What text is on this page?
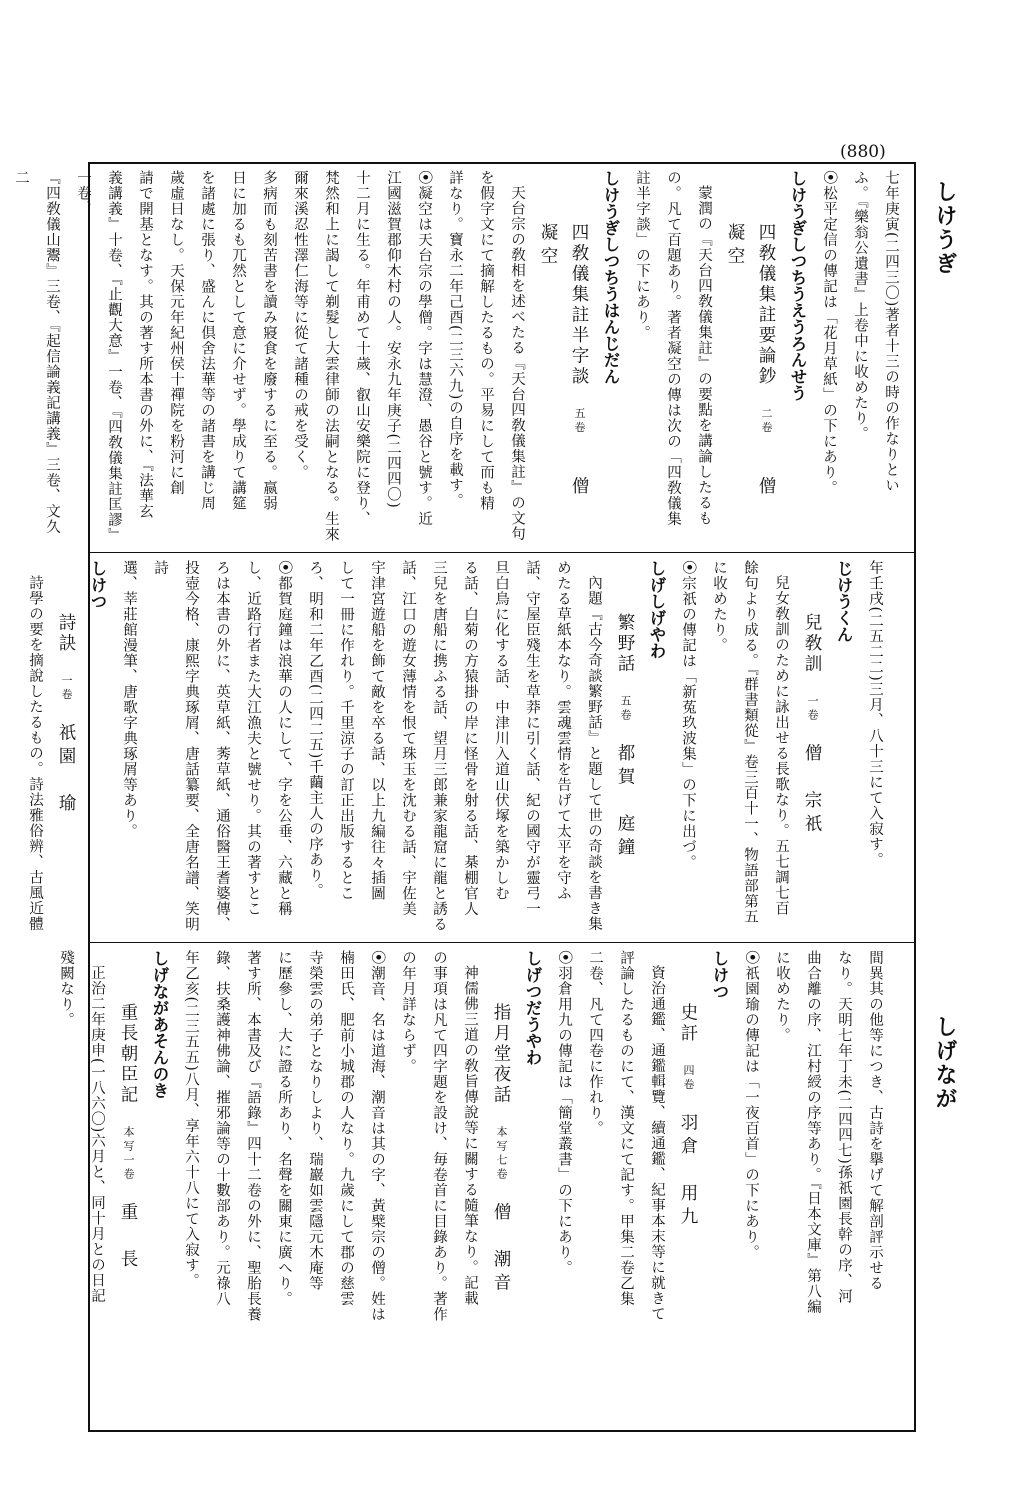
(880)
しけうぎ
しげなが
七年庚寅(二四三〇)著者十三の時の作なりとい
ふ。『樂翁公遺書』上卷中に收めたり。
⦿松平定信の傳記は「花月草紙」の下にあり。
しけうぎしつちうえうろんせう
四敎儀集註要論鈔　二卷　　僧　凝空
蒙潤の『天台四敎儀集註』の要點を講論したるも
の。凡て百題あり。著者凝空の傳は次の「四敎儀集
註半字談」の下にあり。
しけうぎしつちうはんじだん
四敎儀集註半字談　五卷　　僧　凝空
天台宗の敎相を述べたる『天台四敎儀集註』の文句
を假字文にて摘解したるもの。平易にして而も精
詳なり。寶永二年己酉(二三六九)の自序を載す。
⦿凝空は天台宗の學僧。字は慧澄、愚谷と號す。近
江國滋賀郡仰木村の人。安永九年庚子(二四四〇)
十二月に生る。年甫めて十歲、叡山安樂院に登り、
梵然和上に謁して剃髮し大雲律師の法嗣となる。生來
爾來溪忍性澤仁海等に從て諸種の戒を受く。
多病而も刻苦書を讀み寢食を廢するに至る。嬴弱
日に加るも兀然として意に介せず。學成りて講筵
を諸處に張り、盛んに倶舍法華等の諸書を講じ周
歲虛日なし。天保元年紀州侯十禪院を粉河に創
請で開基となす。其の著す所本書の外に、『法華玄
義講義』十卷、『止觀大意』一卷、『四敎儀集註匡謬』一卷、
『四敎儀山鬻』三卷、『起信論義記講義』三卷、文久二
年壬戌(二五二二)三月、八十三にて入寂す。
じけうくん
兒敎訓　一卷　僧　宗祇
兒女敎訓のために詠出せる長歌なり。五七調七百
餘句より成る。『群書類從』卷三百十一、物語部第五
に收めたり。
⦿宗祇の傳記は「新菟玖波集」の下に出づ。
しげしげやわ
繁野話　五卷　都賀　庭鐘
內題『古今奇談繁野話』と題して世の奇談を書き集
めたる草紙本なり。雲魂雲情を告げて太平を守ふ
話、守屋臣殘生を草莽に引く話、紀の國守が靈弓一
旦白鳥に化する話、中津川入道山伏塚を築かしむ
る話、白菊の方猿掛の岸に怪骨を射る話、棊棚官人
三兒を唐船に携ふる話、望月三郎兼家龍窟に龍と誘る
話、江口の遊女薄情を恨て珠玉を沈むる話、宇佐美
宇津宮遊船を飾て敵を卒る話、以上九編往々插圖
して一冊に作れり。千里涼子の訂正出版するとこ
ろ、明和二年乙酉(二四二五)千繭主人の序あり。
⦿都賀庭鐘は浪華の人にして、字を公垂、六藏と稱
し、近路行者また大江漁夫と號せり。其の著すとこ
ろは本書の外に、英草紙、莠草紙、通俗醫王耆婆傳、
投壺今格、康熙字典琢屑、唐話纂要、全唐名譜、笑明詩
選、莘莊館漫筆、唐歌字典琢屑等あり。
しけつ
詩訣　一卷　祇園　瑜
詩學の要を摘說したるもの。詩法雅俗辨、古風近體
間異其の他等につき、古詩を擧げて解剖評示せる
なり。天明七年丁未(二四四七)孫祇園長幹の序、河
曲合離の序、江村綬の序等あり。『日本文庫』第八編
に收めたり。
⦿祇園瑜の傳記は「一夜百首」の下にあり。
しけつ
史訐　四卷　羽倉　用九
資治通鑑、通鑑輯覽、續通鑑、紀事本末等に就きて
評論したるものにて、漢文にて記す。甲集二卷乙集
二卷、凡て四卷に作れり。
⦿羽倉用九の傳記は「簡堂叢書」の下にあり。
しげつだうやわ
指月堂夜話　本写七卷　僧　潮音
神儒佛三道の敎旨傳說等に關する隨筆なり。記載
の事項は凡て四字題を設け、毎卷首に目錄あり。著作
の年月詳ならず。
⦿潮音、名は道海、潮音は其の字、黃檗宗の僧。姓は
楠田氏、肥前小城郡の人なり。九歲にして郡の慈雲
寺榮雲の弟子となりしより、瑞巖如雲隱元木庵等
に歷參し、大に證る所あり、名聲を關東に廣へり。
著す所、本書及び『語錄』四十二卷の外に、聖胎長養
錄、扶桑護神佛論、摧邪論等の十數部あり。元祿八
年乙亥(二三五五)八月、享年六十八にて入寂す。
しげながあそんのき
重長朝臣記　本写一卷　重　長
正治二年庚申(一八六〇)六月と、同十月との日記
殘闕なり。
